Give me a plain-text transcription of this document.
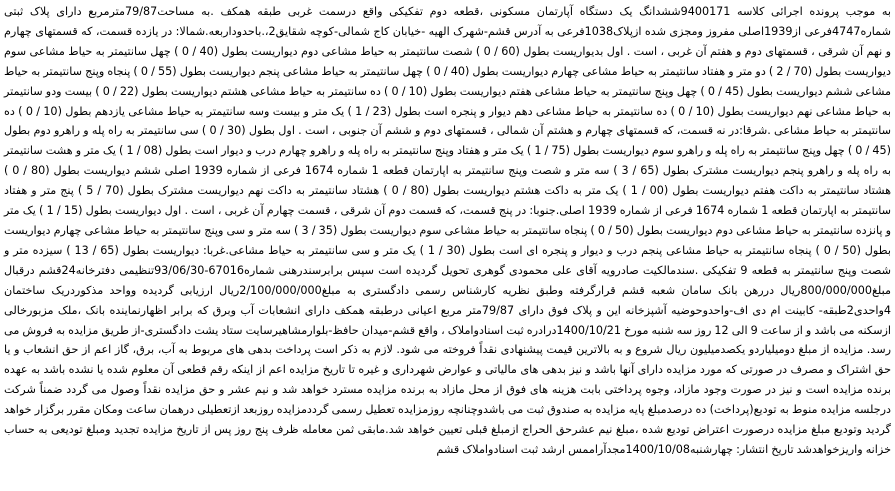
به موجب پرونده اجرائی کلاسه 9400171ششدانگ یک دستگاه آپارتمان مسکونی ،قطعه دوم تفکیکی واقع درسمت غربی طبقه همکف .به مساحت79/87مترمربع دارای پلاک ثبتی شماره4747فرعی از1939اصلی مفروز ومجزی شده ازپلاک1038فرعی به آدرس قشم-شهرک الهیه -خیابان کاج شمالی-کوچه شقایق2،.باحدوداربعه.شمالا: در یازده قسمت، که قسمتهای چهارم و نهم آن شرقی ، قسمتهای دوم و هفتم آن غربی ، است . اول بدیواریست بطول (60 / 0 ) شصت سانتیمتر به حیاط مشاعی دوم دیواریست بطول (40 / 0 ) چهل سانتیمتر به حیاط مشاعی سوم دیواریست بطول (70 / 2 ) دو متر و هفتاد سانتیمتر به حیاط مشاعی چهارم دیواریست بطول (40 / 0 ) چهل سانتیمتر به حیاط مشاعی پنجم دیواریست بطول (55 / 0 ) پنجاه وپنج سانتیمتر به حیاط مشاعی ششم دیواریست بطول (45 / 0 ) چهل وپنج سانتیمتر به حیاط مشاعی هفتم دیواریست بطول (10 / 0 ) ده سانتیمتر به حیاط مشاعی هشتم دیواریست بطول (22 / 0 ) بیست ودو سانتیمتر به حیاط مشاعی نهم دیواریست بطول (10 / 0 ) ده سانتیمتر به حیاط مشاعی دهم دیوار و پنجره است بطول (23 / 1 ) یک متر و بیست وسه سانتیمتر به حیاط مشاعی یازدهم بطول (10 / 0 ) ده سانتیمتر به حیاط مشاعی .شرقا:در نه قسمت، که قسمتهای چهارم و هشتم آن شمالی ، قسمتهای دوم و ششم آن جنوبی ، است . اول بطول (30 / 0 ) سی سانتیمتر به راه پله و راهرو دوم بطول (45 / 0 ) چهل وپنج سانتیمتر به راه پله و راهرو سوم دیواریست بطول (75 / 1 ) یک متر و هفتاد وپنج سانتیمتر به راه پله و راهرو چهارم درب و دیوار است بطول (08 / 1 ) یک متر و هشت سانتیمتر به راه پله و راهرو پنجم دیواریست مشترک بطول (65 / 3 ) سه متر و شصت وپنج سانتیمتر به اپارتمان قطعه 1 شماره 1674 فرعی از شماره 1939 اصلی ششم دیواریست بطول (80 / 0 ) هشتاد سانتیمتر به داکت هفتم دیواریست بطول (00 / 1 ) یک متر به داکت هشتم دیواریست بطول (80 / 0 ) هشتاد سانتیمتر به داکت نهم دیواریست مشترک بطول (70 / 5 ) پنج متر و هفتاد سانتیمتر به اپارتمان قطعه 1 شماره 1674 فرعی از شماره 1939 اصلی.جنوبا: در پنج قسمت، که قسمت دوم آن شرقی ، قسمت چهارم آن غربی ، است . اول دیواریست بطول (15 / 1 ) یک متر و پانزده سانتیمتر به حیاط مشاعی دوم دیواریست بطول (50 / 0 ) پنجاه سانتیمتر به حیاط مشاعی سوم دیواریست بطول (35 / 3 ) سه متر و سی وپنج سانتیمتر به حیاط مشاعی چهارم دیواریست بطول (50 / 0 ) پنجاه سانتیمتر به حیاط مشاعی پنجم درب و دیوار و پنجره ای است بطول (30 / 1 ) یک متر و سی سانتیمتر به حیاط مشاعی.غربا: دیواریست بطول (65 / 13 ) سیزده متر و شصت وپنج سانتیمتر به قطعه 9 تفکیکی .سندمالکیت صادرویه آقای علی محمودی گوهری تحویل گردیده است سپس برابرسندرهنی شماره67016-93/06/30تنظیمی دفترخانه24قشم درقبال مبلغ800/000/000ریال دررهن بانک سامان شعبه قشم قرارگرفته وطبق نظریه کارشناس رسمی دادگستری به مبلغ2/100/000/000ریال ارزیابی گردیده وواحد مذکوردریک ساختمان 4واحدی2طبقه- کابینت ام دی اف-واحدوحوضیه آشپزخانه این و پلاک فوق دارای 79/87متر مربع اعیانی درطبقه همکف دارای انشعابات آب وبرق که برابر اظهارنماینده بانک ،ملک مزبورخالی ازسکنه می باشد و از ساعت 9 الی 12 روز سه شنبه مورخ 1400/10/21درادره ثبت اسنادواملاک ، واقع قشم-میدان حافظ-بلوارمشاهیرسایت ستاد یشت دادگستری-از طریق مزایده به فروش می رسد. مزایده از مبلغ دومیلیاردو یکصدمیلیون ریال شروع و به بالاترین قیمت پیشنهادی نقداً فروخته می شود. لازم به ذکر است پرداخت بدهی های مربوط به آب، برق، گاز اعم از حق انشعاب و یا حق اشتراک و مصرف در صورتی که مورد مزایده دارای آنها باشد و نیز بدهی های مالیاتی و عوارض شهرداری و غیره تا تاریخ مزایده اعم از اینکه رقم قطعی آن معلوم شده یا نشده باشد به عهده برنده مزایده است و نیز در صورت وجود مازاد، وجوه پرداختی بابت هزینه های فوق از محل مازاد به برنده مزایده مسترد خواهد شد و نیم عشر و حق مزایده نقداً وصول می گردد ضمناً شرکت درجلسه مزایده منوط به تودیع(پرداخت) ده درصدمبلغ پایه مزایده به صندوق ثبت می باشدوچنانچه روزمزایده تعطیل رسمی گرددمزایده روزبعد ازتعطیلی درهمان ساعت ومکان مقرر برگزار خواهد گردید وتودیع مبلغ مزایده درصورت اعتراض تودیع شده ،مبلغ نیم عشرحق الحراج ازمبلغ قبلی تعیین خواهد شد.مابقی ثمن معامله ظرف پنج روز پس از تاریخ مزایده تجدید ومبلغ تودیعی به حساب خزانه واریزخواهدشد تاریخ انتشار: چهارشنبه1400/10/08مجدآراممس ارشد ثبت اسنادواملاک قشم
